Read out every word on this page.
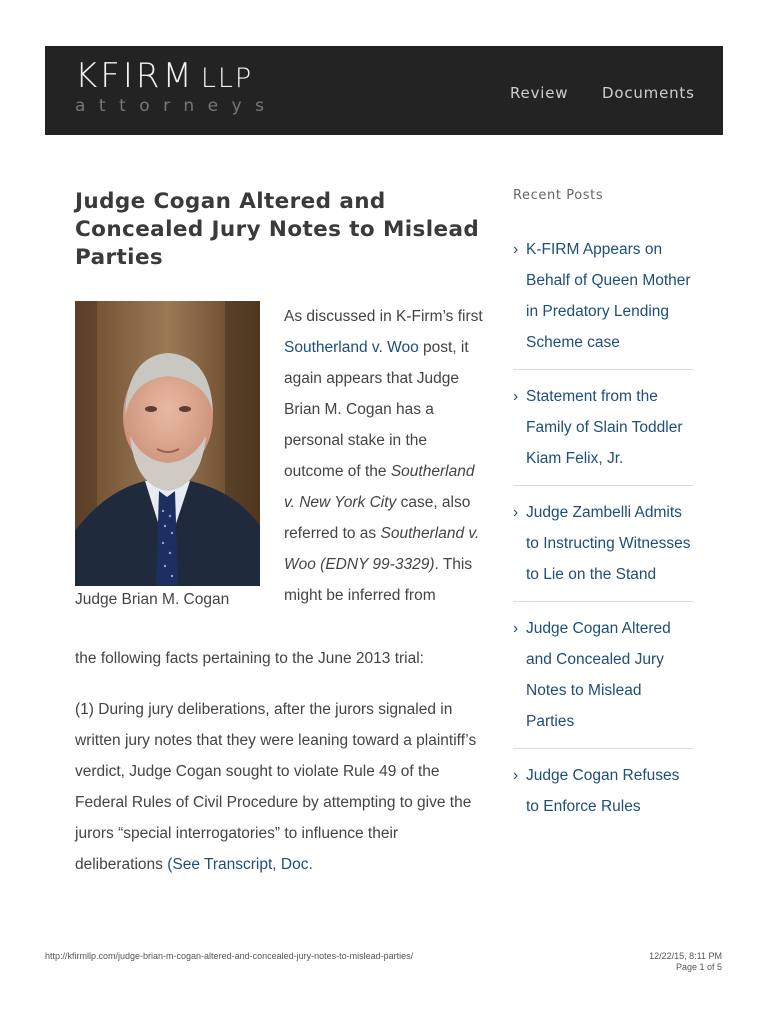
KFIRM LLP
attorneys
Review Documents
Judge Cogan Altered and Concealed Jury Notes to Mislead Parties
Judge Brian M. Cogan

As discussed in K-Firm’s first Southerland v. Woo post, it again appears that Judge Brian M. Cogan has a personal stake in the outcome of the Southerland v. New York City case, also referred to as Southerland v. Woo (EDNY 99-3329). This might be inferred from

the following facts pertaining to the June 2013 trial:

(1) During jury deliberations, after the jurors signaled in written jury notes that they were leaning toward a plaintiff’s verdict, Judge Cogan sought to violate Rule 49 of the Federal Rules of Civil Procedure by attempting to give the jurors “special interrogatories” to influence their deliberations (See Transcript, Doc.

Recent Posts
› K-FIRM Appears on Behalf of Queen Mother in Predatory Lending Scheme case
› Statement from the Family of Slain Toddler Kiam Felix, Jr.
› Judge Zambelli Admits to Instructing Witnesses to Lie on the Stand
› Judge Cogan Altered and Concealed Jury Notes to Mislead Parties
› Judge Cogan Refuses to Enforce Rules
http://kfirmllp.com/judge-brian-m-cogan-altered-and-concealed-jury-notes-to-mislead-parties/	12/22/15, 8:11 PM
Page 1 of 5
